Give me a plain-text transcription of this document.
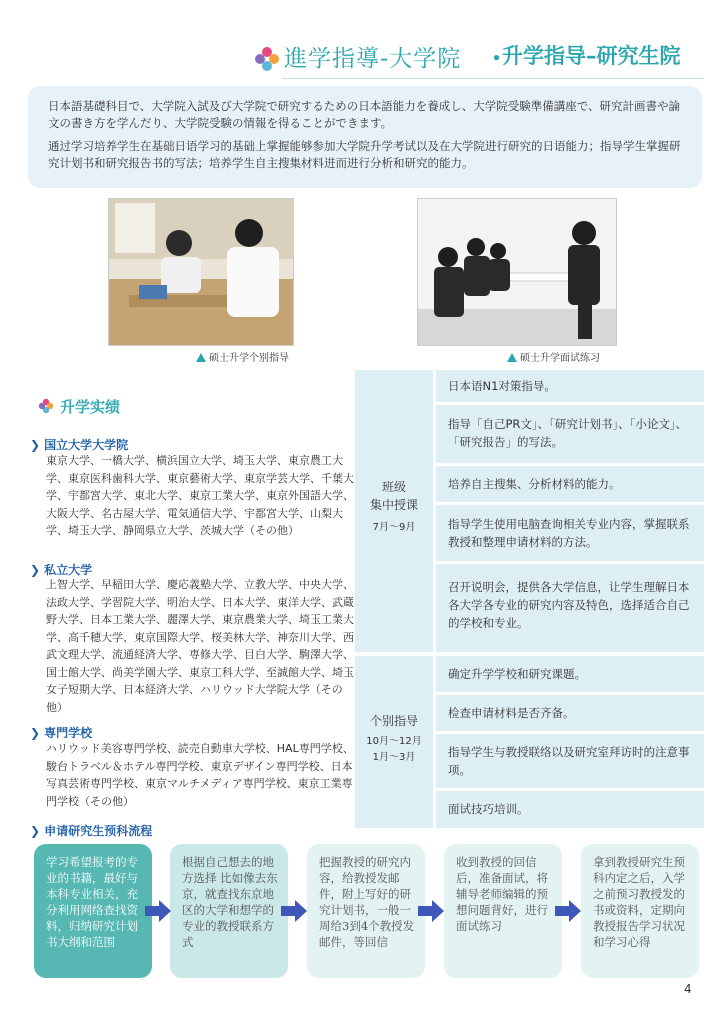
進学指導-大学院 ・
升学指导–研究生院

日本語基礎科目で、大学院入試及び大学院で研究するための日本語能力を養成し、大学院受験準備講座で、研究計画書や論文の書き方を学んだり、大学院受験の情報を得ることができます。

通过学习培养学生在基础日语学习的基础上掌握能够参加大学院升学考试以及在大学院进行研究的日语能力；指导学生掌握研究计划书和研究报告书的写法；培养学生自主搜集材料进而进行分析和研究的能力。

硕士升学个别指导	硕士升学面试练习
升学实绩
❯ 国立大学大学院
東京大学、一橋大学、横浜国立大学、埼玉大学、東京農工大学、東京医科歯科大学、東京藝術大学、東京学芸大学、千葉大学、宇都宮大学、東北大学、東京工業大学、東京外国語大学、大阪大学、名古屋大学、電気通信大学、宇都宮大学、山梨大学、埼玉大学、静岡県立大学、茨城大学（その他）
❯ 私立大学
上智大学、早稲田大学、慶応義塾大学、立教大学、中央大学、法政大学、学習院大学、明治大学、日本大学、東洋大学、武蔵野大学、日本工業大学、麗澤大学、東京農業大学、埼玉工業大学、高千穂大学、東京国際大学、桜美林大学、神奈川大学、西武文理大学、流通経済大学、専修大学、目白大学、駒澤大学、国士館大学、尚美学園大学、東京工科大学、至誠館大学、埼玉女子短期大学、日本経済大学、ハリウッド大学院大学（その他）
❯ 専門学校
ハリウッド美容専門学校、読売自動車大学校、HAL専門学校、駿台トラベル＆ホテル専門学校、東京デザイン専門学校、日本写真芸術専門学校、東京マルチメディア専門学校、東京工業専門学校（その他）
班级
集中授课
7月〜9月
日本语N1对策指导。
指导「自己PR文」、「研究计划书」、「小论文」、「研究报告」的写法。
培养自主搜集、分析材料的能力。
指导学生使用电脑查询相关专业内容，掌握联系教授和整理申请材料的方法。
召开说明会，提供各大学信息，让学生理解日本各大学各专业的研究内容及特色，选择适合自己的学校和专业。
个别指导
10月〜12月
1月〜3月
确定升学学校和研究课题。
检查申请材料是否齐备。
指导学生与教授联络以及研究室拜访时的注意事项。
面试技巧培训。
❯ 申请研究生预科流程
学习希望报考的专业的书籍，最好与本科专业相关，充分利用网络查找资料，归纳研究计划书大纲和范围
根据自己想去的地方选择 比如像去东京，就查找东京地区的大学和想学的专业的教授联系方式
把握教授的研究内容，给教授发邮件，附上写好的研究计划书，一般一周给3到4个教授发邮件，等回信
收到教授的回信后，准备面试，将辅导老师编辑的预想问题背好，进行面试练习
拿到教授研究生预科内定之后，入学之前预习教授发的书或资料，定期向教授报告学习状况和学习心得
4
